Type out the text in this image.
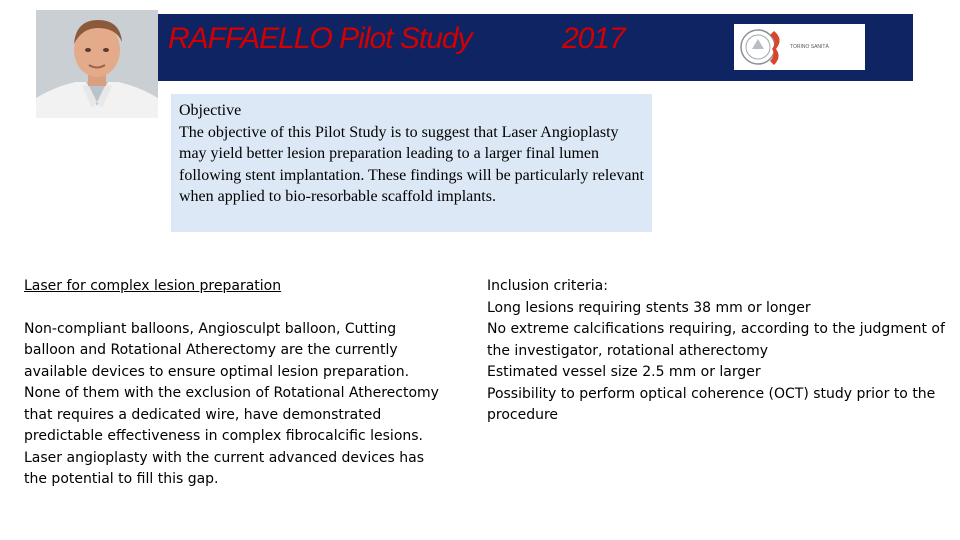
RAFFAELLO Pilot Study	2017	TORINO SANITÀ
Objective
The objective of this Pilot Study is to suggest that Laser Angioplasty may yield better lesion preparation leading to a larger final lumen following stent implantation. These findings will be particularly relevant when applied to bio-resorbable scaffold implants.
Laser for complex lesion preparation
Non-compliant balloons, Angiosculpt balloon, Cutting balloon and Rotational Atherectomy are the currently available devices to ensure optimal lesion preparation. None of them with the exclusion of Rotational Atherectomy that requires a dedicated wire, have demonstrated predictable effectiveness in complex fibrocalcific lesions.
Laser angioplasty with the current advanced devices has the potential to fill this gap.
Inclusion criteria:
Long lesions requiring stents 38 mm or longer
No extreme calcifications requiring, according to the judgment of the investigator, rotational atherectomy
Estimated vessel size 2.5 mm or larger
Possibility to perform optical coherence (OCT) study prior to the procedure
